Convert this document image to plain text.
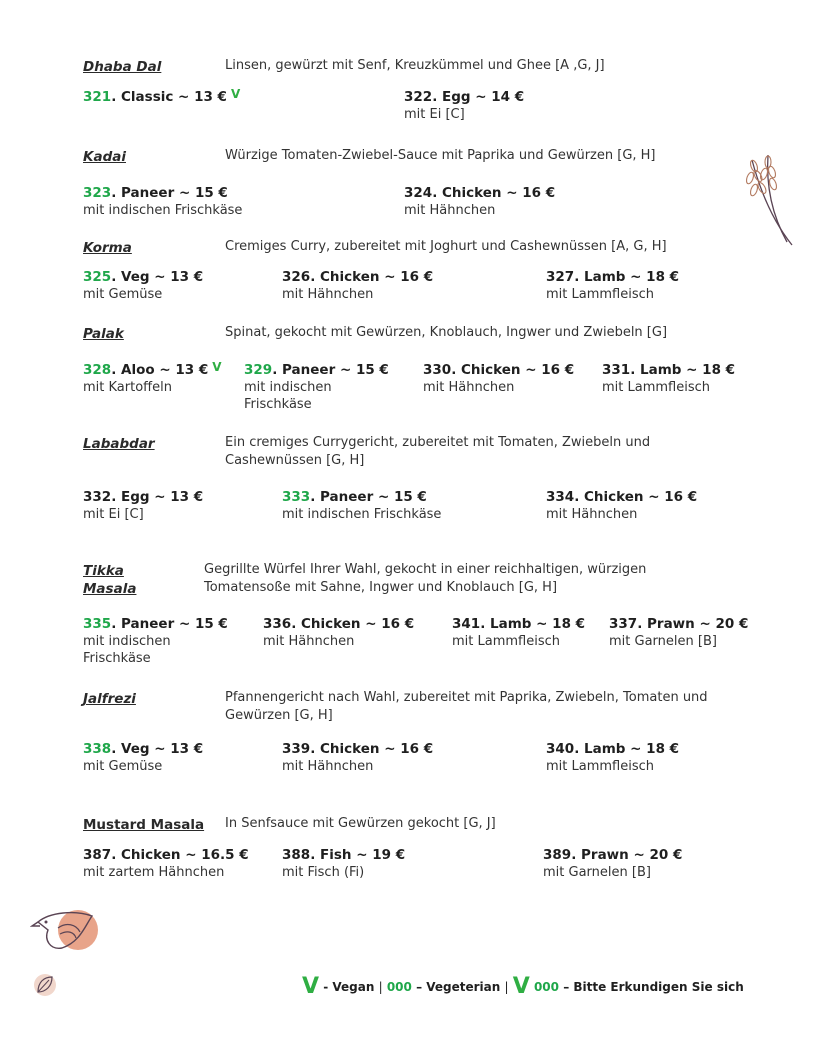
Dhaba Dal	Linsen, gewürzt mit Senf, Kreuzkümmel und Ghee [A ,G, J]
321. Classic ~ 13 € V	322. Egg ~ 14 €
mit Ei [C]
Kadai	Würzige Tomaten-Zwiebel-Sauce mit Paprika und Gewürzen [G, H]
323. Paneer ~ 15 €
mit indischen Frischkäse
324. Chicken ~ 16 €
mit Hähnchen
Korma	Cremiges Curry, zubereitet mit Joghurt und Cashewnüssen [A, G, H]
325. Veg ~ 13 €
mit Gemüse
326. Chicken ~ 16 €
mit Hähnchen
327. Lamb ~ 18 €
mit Lammfleisch
Palak	Spinat, gekocht mit Gewürzen, Knoblauch, Ingwer und Zwiebeln [G]
328. Aloo ~ 13 € V
mit Kartoffeln
329. Paneer ~ 15 €
mit indischen Frischkäse
330. Chicken ~ 16 €
mit Hähnchen
331. Lamb ~ 18 €
mit Lammfleisch
Lababdar	Ein cremiges Currygericht, zubereitet mit Tomaten, Zwiebeln und Cashewnüssen [G, H]
332. Egg ~ 13 €
mit Ei [C]
333. Paneer ~ 15 €
mit indischen Frischkäse
334. Chicken ~ 16 €
mit Hähnchen
Tikka Masala
Gegrillte Würfel Ihrer Wahl, gekocht in einer reichhaltigen, würzigen Tomatensoße mit Sahne, Ingwer und Knoblauch [G, H]
335. Paneer ~ 15 €
mit indischen Frischkäse
336. Chicken ~ 16 €
mit Hähnchen
341. Lamb ~ 18 €
mit Lammfleisch
337. Prawn ~ 20 €
mit Garnelen [B]
Jalfrezi	Pfannengericht nach Wahl, zubereitet mit Paprika, Zwiebeln, Tomaten und Gewürzen [G, H]
338. Veg ~ 13 €
mit Gemüse
339. Chicken ~ 16 €
mit Hähnchen
340. Lamb ~ 18 €
mit Lammfleisch
Mustard Masala In Senfsauce mit Gewürzen gekocht [G, J]
387. Chicken ~ 16.5 €
mit zartem Hähnchen
388. Fish ~ 19 €
mit Fisch (Fi)
389. Prawn ~ 20 €
mit Garnelen [B]
V - Vegan | 000 – Vegeterian | V 000 – Bitte Erkundigen Sie sich
